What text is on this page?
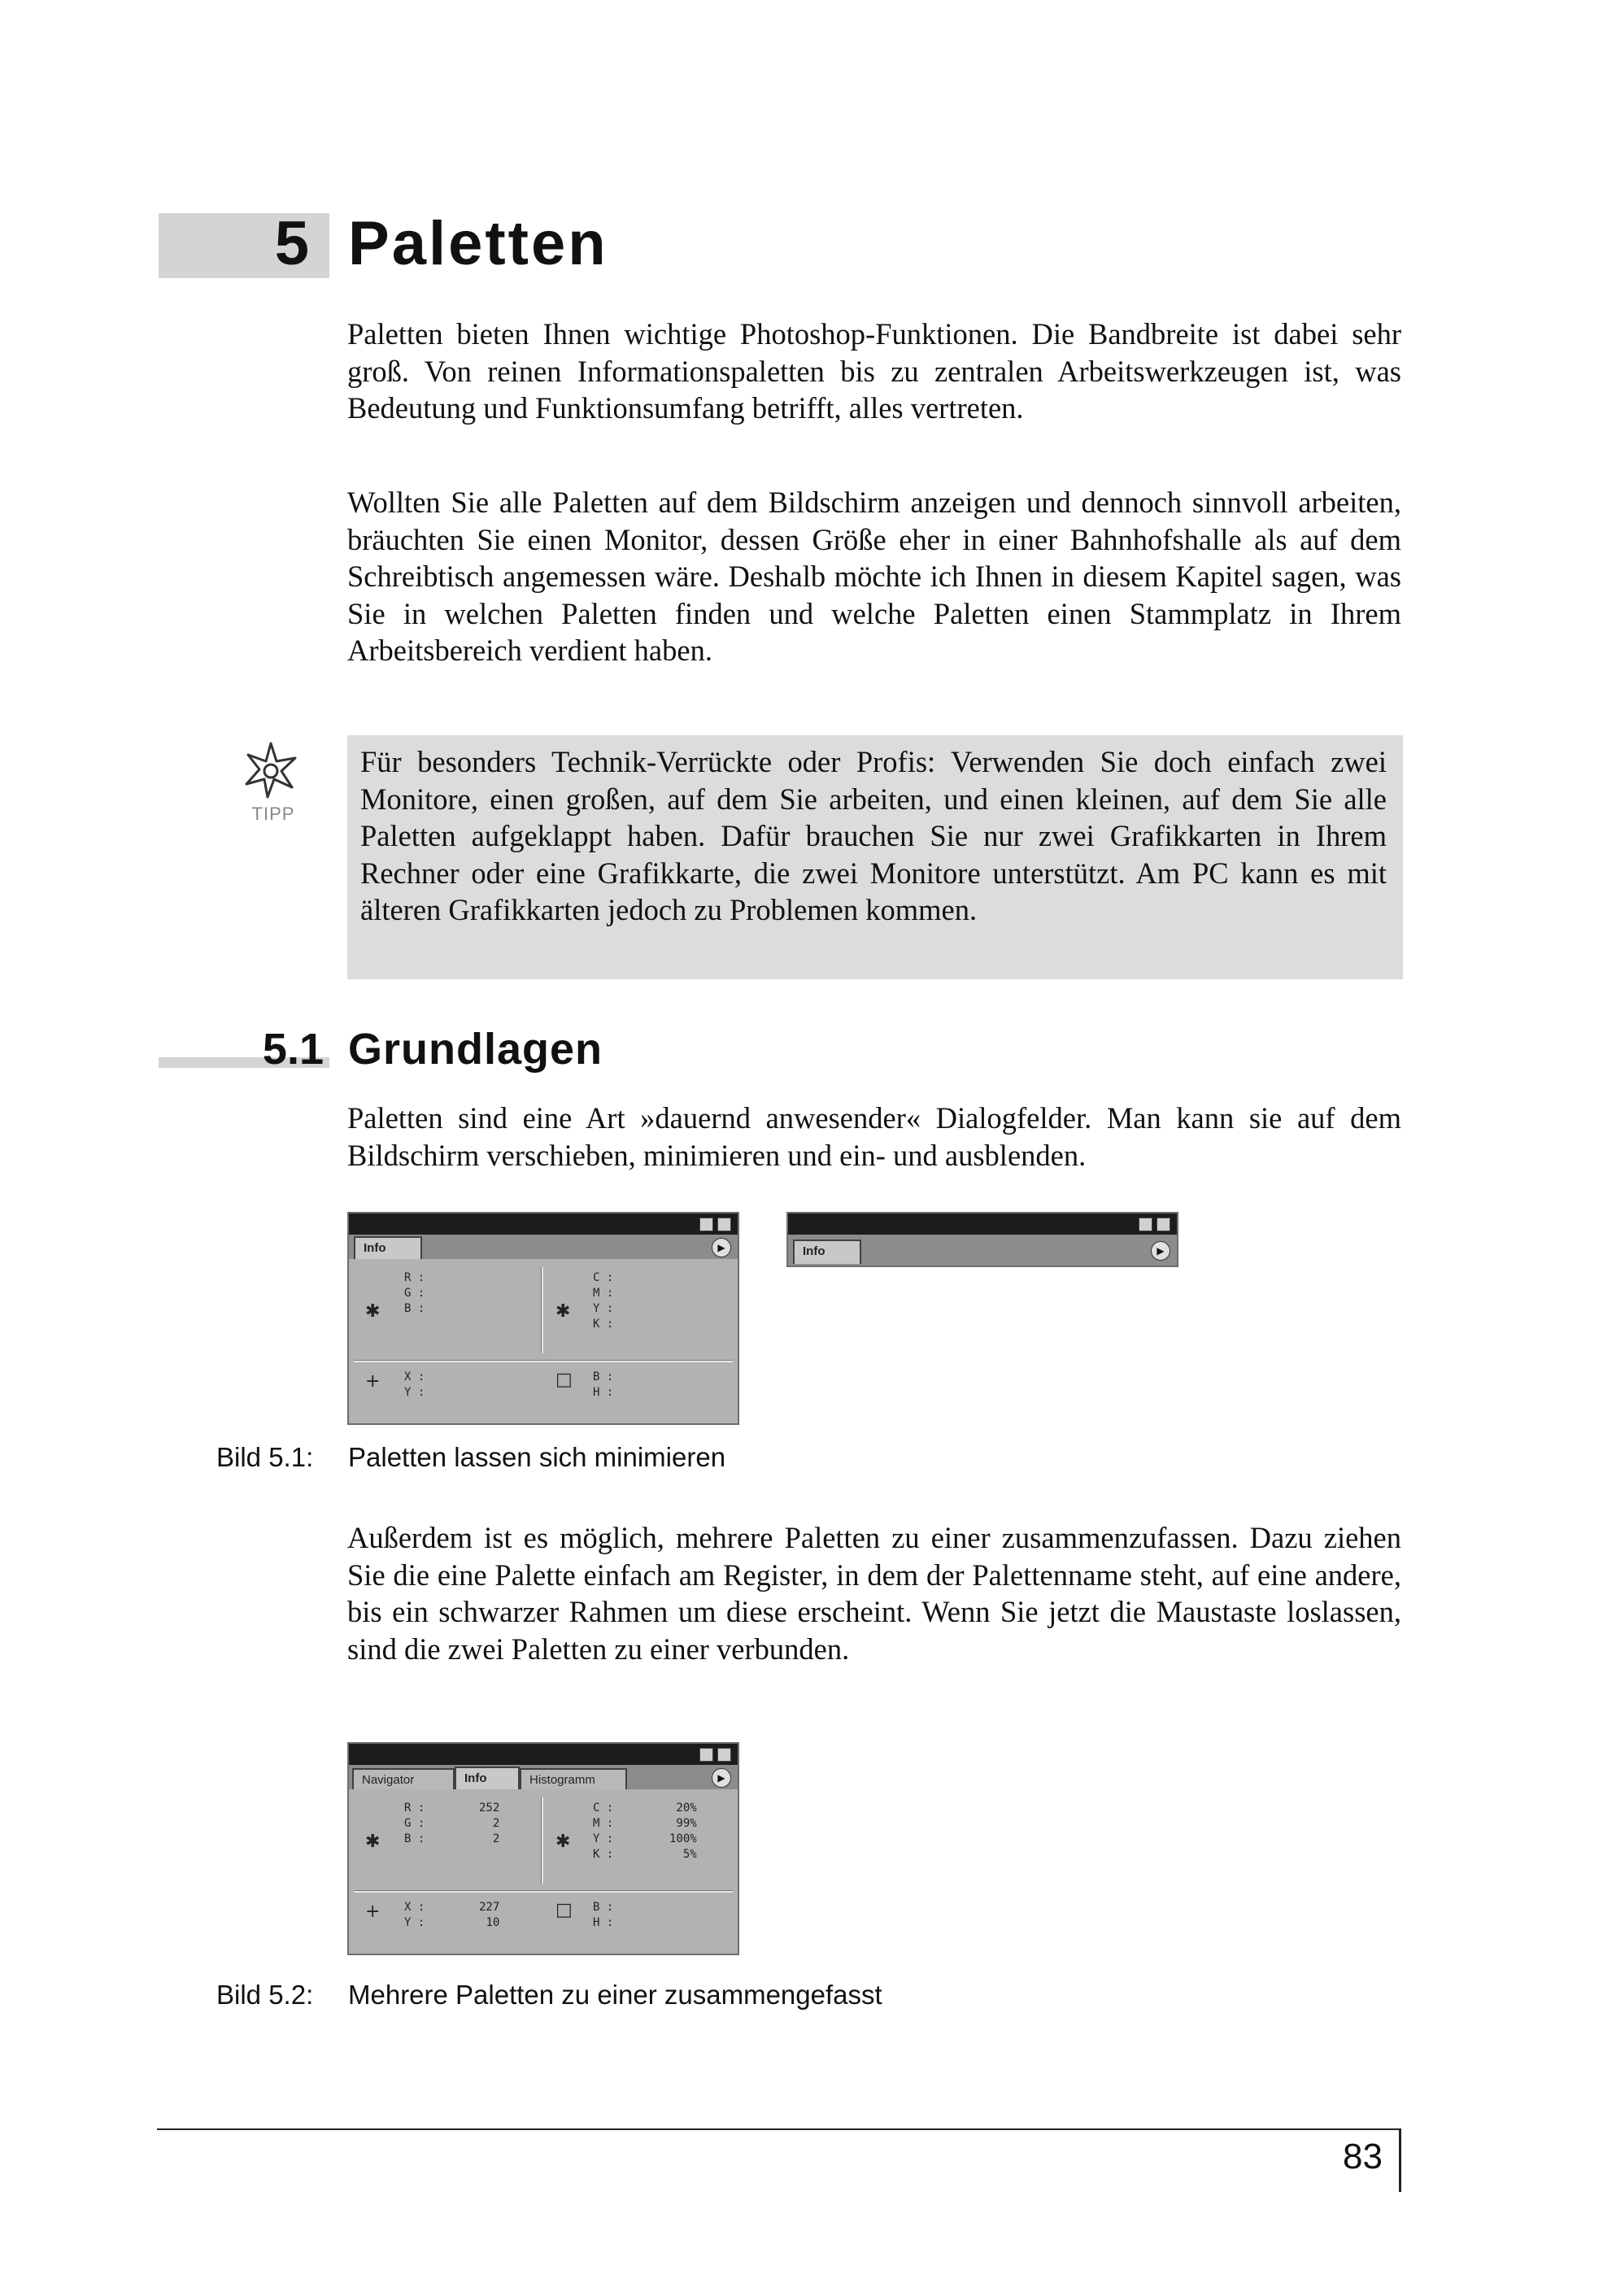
5 Paletten

Paletten bieten Ihnen wichtige Photoshop-Funktionen. Die Bandbreite ist dabei sehr groß. Von reinen Informationspaletten bis zu zentralen Arbeitswerkzeugen ist, was Bedeutung und Funktionsumfang betrifft, alles vertreten.

Wollten Sie alle Paletten auf dem Bildschirm anzeigen und dennoch sinnvoll arbeiten, bräuchten Sie einen Monitor, dessen Größe eher in einer Bahnhofshalle als auf dem Schreibtisch angemessen wäre. Deshalb möchte ich Ihnen in diesem Kapitel sagen, was Sie in welchen Paletten finden und welche Paletten einen Stammplatz in Ihrem Arbeitsbereich verdient haben.

TIPP

Für besonders Technik-Verrückte oder Profis: Verwenden Sie doch einfach zwei Monitore, einen großen, auf dem Sie arbeiten, und einen kleinen, auf dem Sie alle Paletten aufgeklappt haben. Dafür brauchen Sie nur zwei Grafikkarten in Ihrem Rechner oder eine Grafikkarte, die zwei Monitore unterstützt. Am PC kann es mit älteren Grafikkarten jedoch zu Problemen kommen.

5.1 Grundlagen

Paletten sind eine Art »dauernd anwesender« Dialogfelder. Man kann sie auf dem Bildschirm verschieben, minimieren und ein- und ausblenden.

Info	▶
✱
R :
G :
B :	✱
C :
M :
Y :
K :
+ X :
Y :
□ B :
H :
Info	▶
Bild 5.1: Paletten lassen sich minimieren

Außerdem ist es möglich, mehrere Paletten zu einer zusammenzufassen. Dazu ziehen Sie die eine Palette einfach am Register, in dem der Palettenname steht, auf eine andere, bis ein schwarzer Rahmen um diese erscheint. Wenn Sie jetzt die Maustaste loslassen, sind die zwei Paletten zu einer verbunden.

Navigator	Info	Histogramm	▶
✱
R :
G :
B :
252
2
2	✱
C :
M :
Y :
K :
20%
99%
100%
5%
+ X :
Y :
227
10
□ B :
H :
Bild 5.2: Mehrere Paletten zu einer zusammengefasst
83
